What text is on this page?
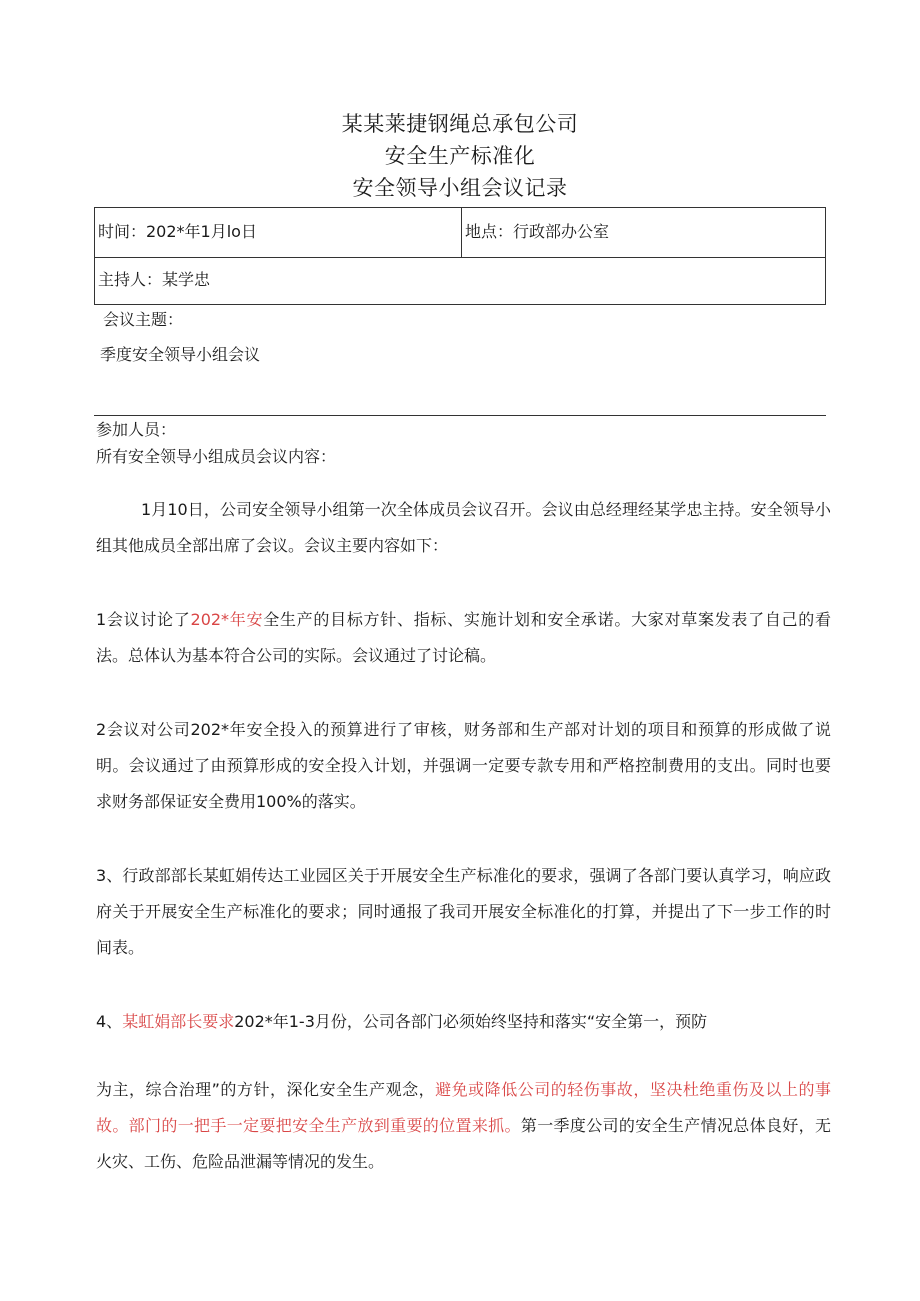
某某莱捷钢绳总承包公司
安全生产标准化
安全领导小组会议记录
时间：202*年1月lo日	地点：行政部办公室
主持人：某学忠
会议主题：
季度安全领导小组会议
参加人员：
所有安全领导小组成员会议内容：
1月10日，公司安全领导小组第一次全体成员会议召开。会议由总经理经某学忠主持。安全领导小组其他成员全部出席了会议。会议主要内容如下：
1会议讨论了202*年安全生产的目标方针、指标、实施计划和安全承诺。大家对草案发表了自己的看法。总体认为基本符合公司的实际。会议通过了讨论稿。
2会议对公司202*年安全投入的预算进行了审核，财务部和生产部对计划的项目和预算的形成做了说明。会议通过了由预算形成的安全投入计划，并强调一定要专款专用和严格控制费用的支出。同时也要求财务部保证安全费用100%的落实。
3、行政部部长某虹娟传达工业园区关于开展安全生产标准化的要求，强调了各部门要认真学习，响应政府关于开展安全生产标准化的要求；同时通报了我司开展安全标准化的打算，并提出了下一步工作的时间表。
4、某虹娟部长要求202*年1-3月份，公司各部门必须始终坚持和落实“安全第一，预防
为主，综合治理”的方针，深化安全生产观念，避免或降低公司的轻伤事故，坚决杜绝重伤及以上的事故。部门的一把手一定要把安全生产放到重要的位置来抓。第一季度公司的安全生产情况总体良好，无火灾、工伤、危险品泄漏等情况的发生。
